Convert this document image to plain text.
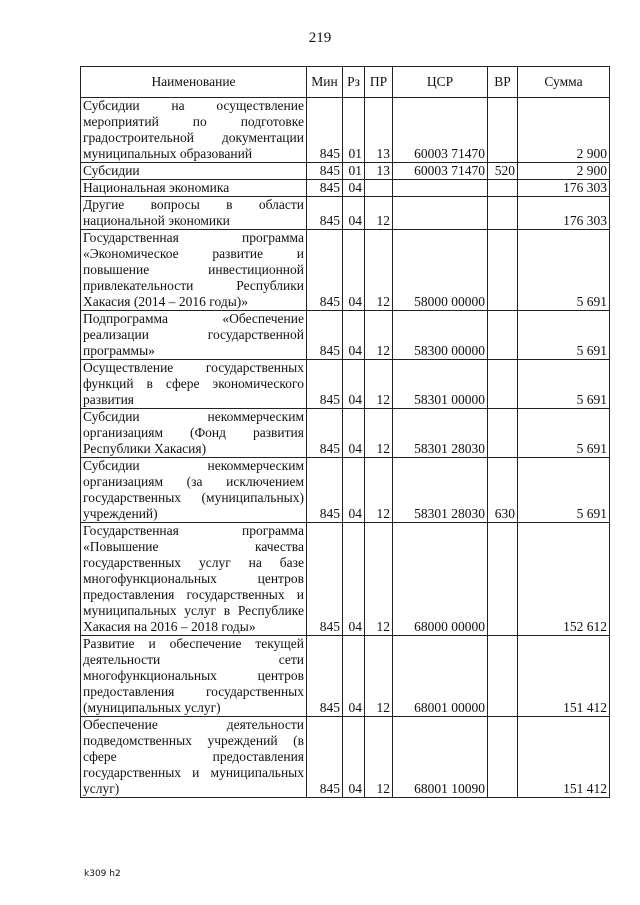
219
Наименование	Мин	Рз	ПР	ЦСР	ВР	Сумма
Субсидии на осуществление мероприятий по подготовке градостроительной документации муниципальных образований	845	01	13	60003 71470		2 900
Субсидии	845	01	13	60003 71470	520	2 900
Национальная экономика	845	04				176 303
Другие вопросы в области национальной экономики	845	04	12			176 303
Государственная программа «Экономическое развитие и повышение инвестиционной привлекательности Республики Хакасия (2014 – 2016 годы)»	845	04	12	58000 00000		5 691
Подпрограмма «Обеспечение реализации государственной программы»	845	04	12	58300 00000		5 691
Осуществление государственных функций в сфере экономического развития	845	04	12	58301 00000		5 691
Субсидии некоммерческим организациям (Фонд развития Республики Хакасия)	845	04	12	58301 28030		5 691
Субсидии некоммерческим организациям (за исключением государственных (муниципальных) учреждений)	845	04	12	58301 28030	630	5 691
Государственная программа «Повышение качества государственных услуг на базе многофункциональных центров предоставления государственных и муниципальных услуг в Республике Хакасия на 2016 – 2018 годы»	845	04	12	68000 00000		152 612
Развитие и обеспечение текущей деятельности сети многофункциональных центров предоставления государственных (муниципальных услуг)	845	04	12	68001 00000		151 412
Обеспечение деятельности подведомственных учреждений (в сфере предоставления государственных и муниципальных услуг)	845	04	12	68001 10090		151 412
k309 h2
